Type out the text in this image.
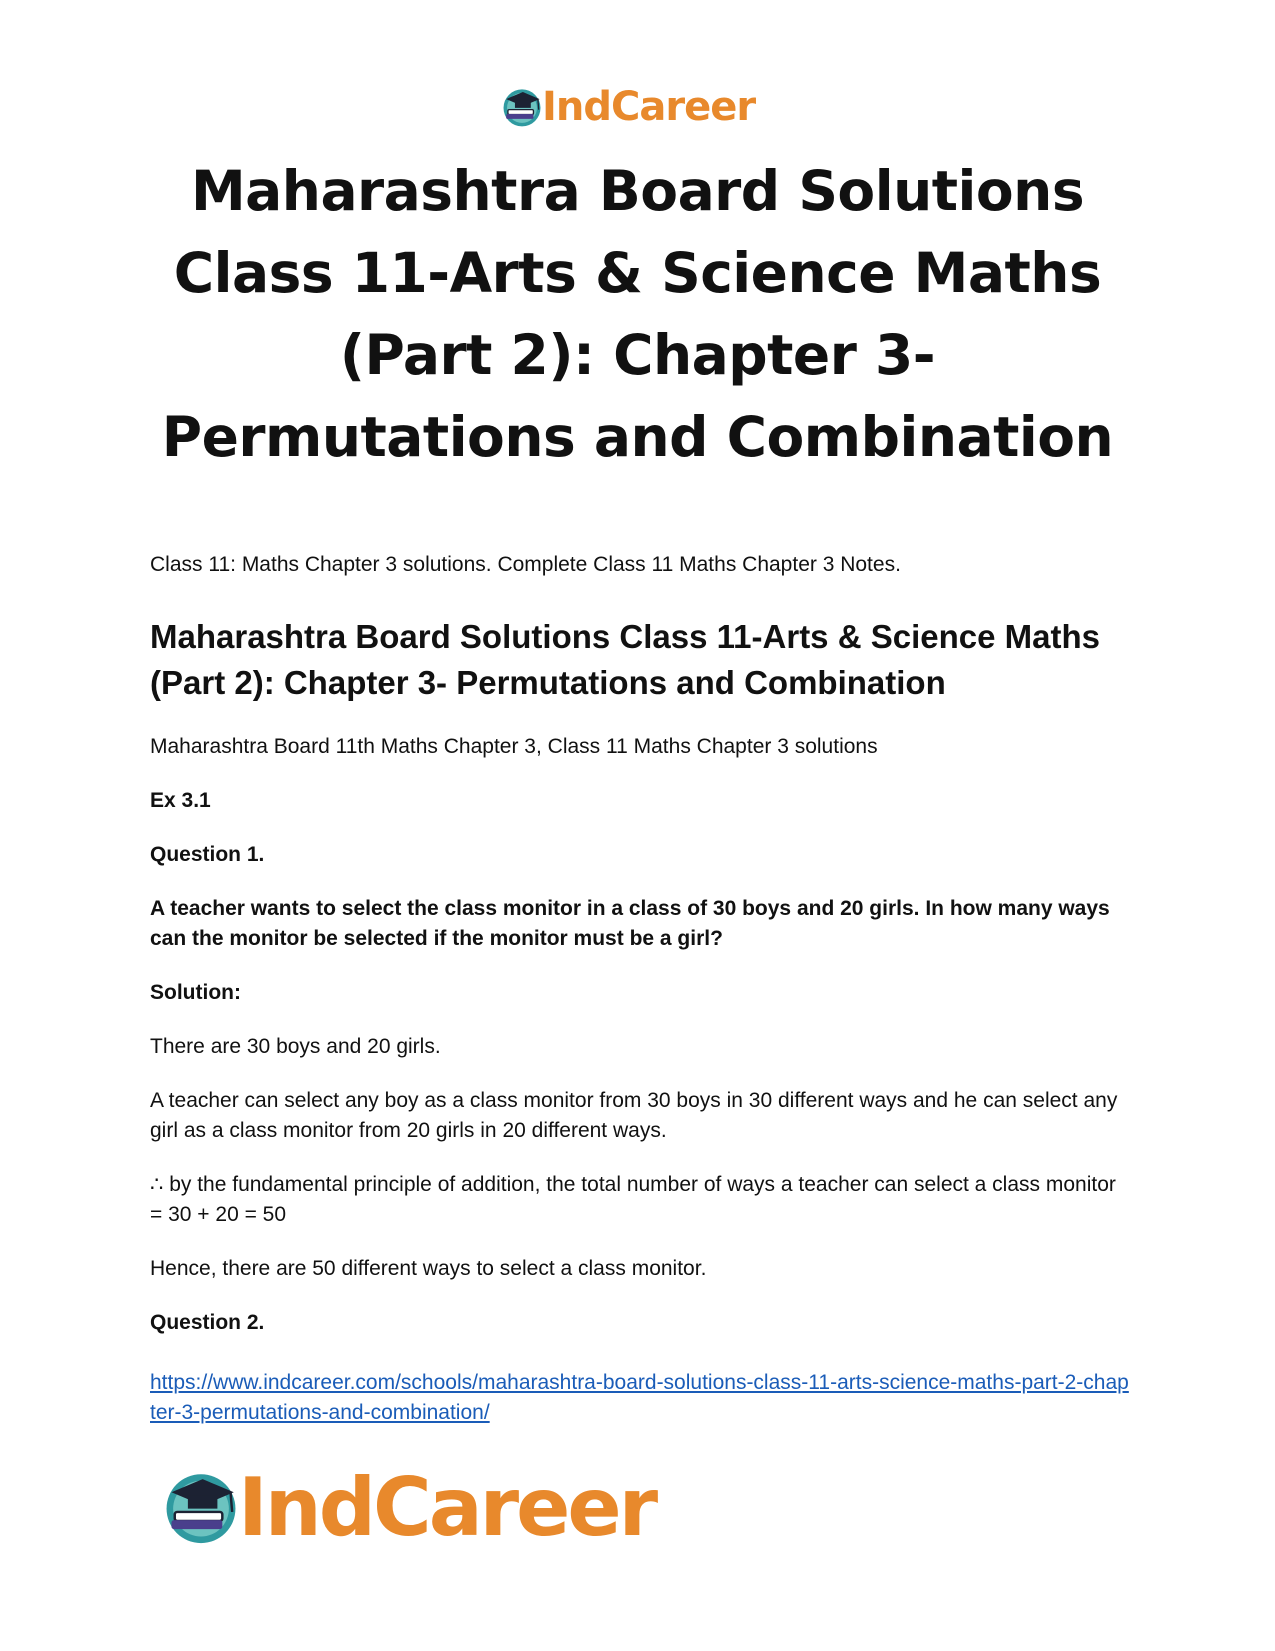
IndCareer
Maharashtra Board Solutions Class 11-Arts & Science Maths (Part 2): Chapter 3- Permutations and Combination

Class 11: Maths Chapter 3 solutions. Complete Class 11 Maths Chapter 3 Notes.

Maharashtra Board Solutions Class 11-Arts & Science Maths (Part 2): Chapter 3- Permutations and Combination

Maharashtra Board 11th Maths Chapter 3, Class 11 Maths Chapter 3 solutions

Ex 3.1

Question 1.

A teacher wants to select the class monitor in a class of 30 boys and 20 girls. In how many ways can the monitor be selected if the monitor must be a girl?

Solution:

There are 30 boys and 20 girls.

A teacher can select any boy as a class monitor from 30 boys in 30 different ways and he can select any girl as a class monitor from 20 girls in 20 different ways.

∴ by the fundamental principle of addition, the total number of ways a teacher can select a class monitor = 30 + 20 = 50

Hence, there are 50 different ways to select a class monitor.

Question 2.

https://www.indcareer.com/schools/maharashtra-board-solutions-class-11-arts-science-maths-part-2-chapter-3-permutations-and-combination/

IndCareer
